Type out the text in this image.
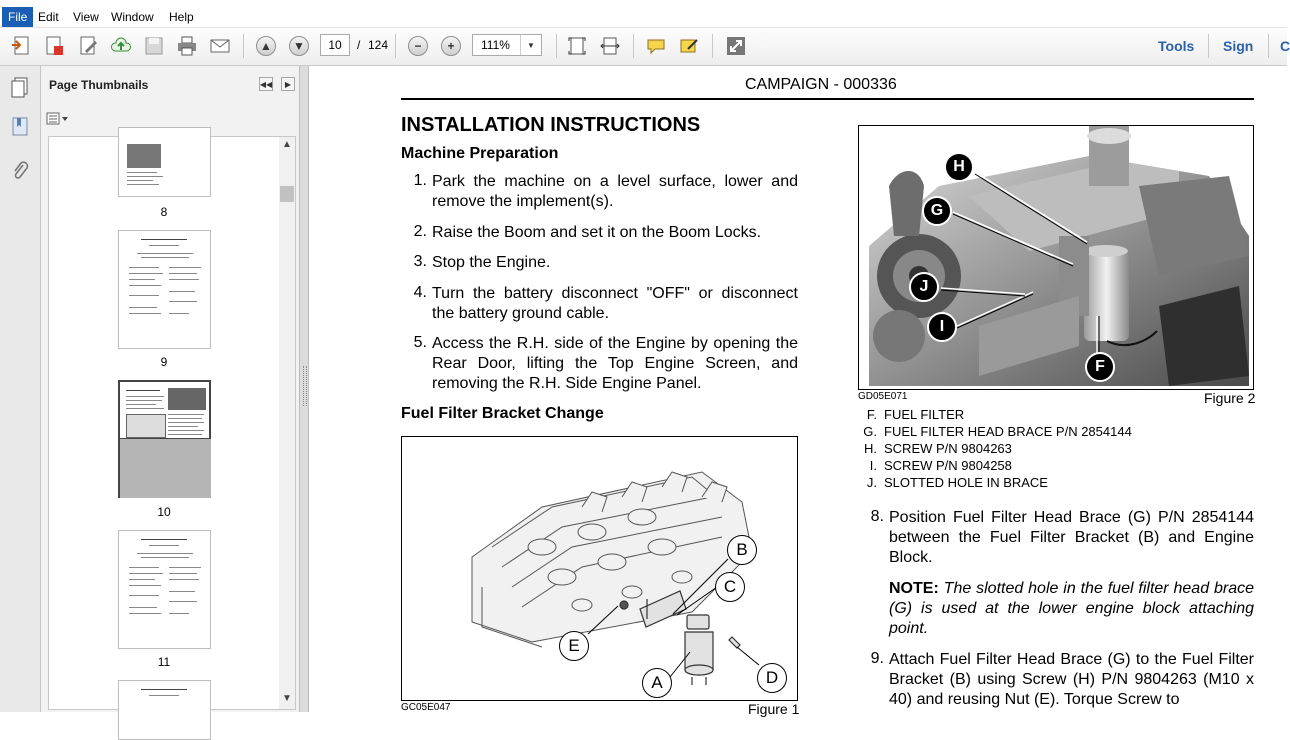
File Edit	View	Window	Help
▲	▼	−	+
10
/ 124	111%	▼	Tools Sign C
Page Thumbnails	◀◀	▶
8
9
10
11
▲
▼
CAMPAIGN - 000336
INSTALLATION INSTRUCTIONS
Machine Preparation
1. Park the machine on a level surface, lower and remove the implement(s).
2. Raise the Boom and set it on the Boom Locks.
3. Stop the Engine.
4. Turn the battery disconnect "OFF" or disconnect the battery ground cable.
5. Access the R.H. side of the Engine by opening the Rear Door, lifting the Top Engine Screen, and removing the R.H. Side Engine Panel.
Fuel Filter Bracket Change
B
C
E
A	D
GC05E047	Figure 1
H
G
J
I
F
GD05E071	Figure 2
F. FUEL FILTER
G. FUEL FILTER HEAD BRACE P/N 2854144
H. SCREW P/N 9804263
I. SCREW P/N 9804258
J. SLOTTED HOLE IN BRACE
8. Position Fuel Filter Head Brace (G) P/N 2854144 between the Fuel Filter Bracket (B) and Engine Block.
NOTE: The slotted hole in the fuel filter head brace (G) is used at the lower engine block attaching point.
9. Attach Fuel Filter Head Brace (G) to the Fuel Filter Bracket (B) using Screw (H) P/N 9804263 (M10 x 40) and reusing Nut (E). Torque Screw to
